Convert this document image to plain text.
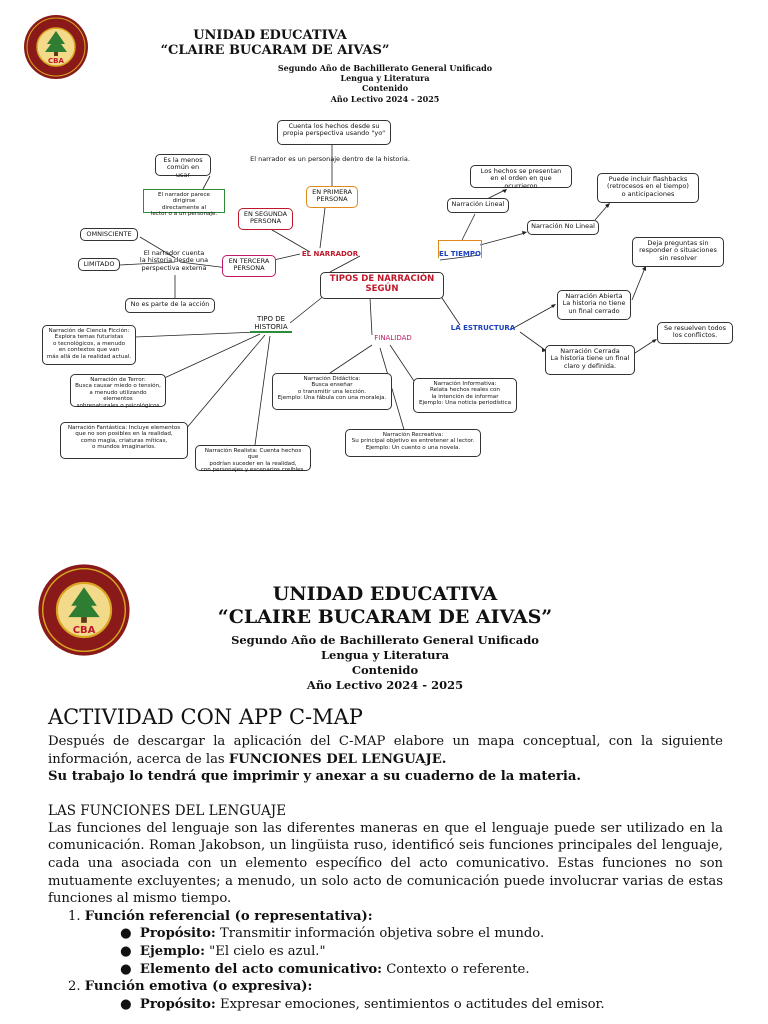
CBA
UNIDAD EDUCATIVA
“CLAIRE BUCARAM DE AIVAS”
Segundo Año de Bachillerato General Unificado
Lengua y Literatura
Contenido
Año Lectivo 2024 - 2025
TIPOS DE NARRACIÓN
SEGÚN
EL NARRADOR	EL TIEMPO
LA ESTRUCTURA
FINALIDAD
TIPO DE
HISTORIA
EN PRIMERA
PERSONA
Cuenta los hechos desde su
propia perspectiva usando "yo"
El narrador es un personaje dentro de la historia.
EN SEGUNDA
PERSONA
El narrador parece dirigirse
directamente al
lector o a un personaje.
Es la menos
común en usar
EN TERCERA
PERSONA
El narrador cuenta
la historia desde una
perspectiva externa
OMNISCIENTE
LIMITADO
No es parte de la acción
Narración Lineal
Los hechos se presentan
en el orden en que ocurrieron
Narración No Lineal
Puede incluir flashbacks
(retrocesos en el tiempo)
o anticipaciones
Narración Abierta
La historia no tiene
un final cerrado
Deja preguntas sin
responder o situaciones
sin resolver
Narración Cerrada
La historia tiene un final
claro y definida.
Se resuelven todos
los conflictos.
Narración de Ciencia Ficción:
Explora temas futuristas
o tecnológicos, a menudo
en contextos que van
más allá de la realidad actual.
Narración de Terror:
Busca causar miedo o tensión,
a menudo utilizando elementos
sobrenaturales o psicológicos
Narración Fantástica: Incluye elementos
que no son posibles en la realidad,
como magia, criaturas míticas,
o mundos imaginarios.
Narración Realista: Cuenta hechos que
podrían suceder en la realidad,
con personajes y escenarios creíbles.
Narración Didáctica:
Busca enseñar
o transmitir una lección.
Ejemplo: Una fábula con una moraleja.
Narración Informativa:
Relata hechos reales con
la intención de informar
Ejemplo: Una noticia periodística
Narración Recreativa:
Su principal objetivo es entretener al lector.
Ejemplo: Un cuento o una novela.
CBA
UNIDAD EDUCATIVA
“CLAIRE BUCARAM DE AIVAS”
Segundo Año de Bachillerato General Unificado
Lengua y Literatura
Contenido
Año Lectivo 2024 - 2025
ACTIVIDAD CON APP C-MAP
Después de descargar la aplicación del C-MAP elabore un mapa conceptual, con la siguiente información, acerca de las FUNCIONES DEL LENGUAJE.
Su trabajo lo tendrá que imprimir y anexar a su cuaderno de la materia.
LAS FUNCIONES DEL LENGUAJE
Las funciones del lenguaje son las diferentes maneras en que el lenguaje puede ser utilizado en la comunicación. Roman Jakobson, un lingüista ruso, identificó seis funciones principales del lenguaje, cada una asociada con un elemento específico del acto comunicativo. Estas funciones no son mutuamente excluyentes; a menudo, un solo acto de comunicación puede involucrar varias de estas funciones al mismo tiempo.
1. Función referencial (o representativa):
●  Propósito: Transmitir información objetiva sobre el mundo.
●  Ejemplo: "El cielo es azul."
●  Elemento del acto comunicativo: Contexto o referente.
2. Función emotiva (o expresiva):
●  Propósito: Expresar emociones, sentimientos o actitudes del emisor.
